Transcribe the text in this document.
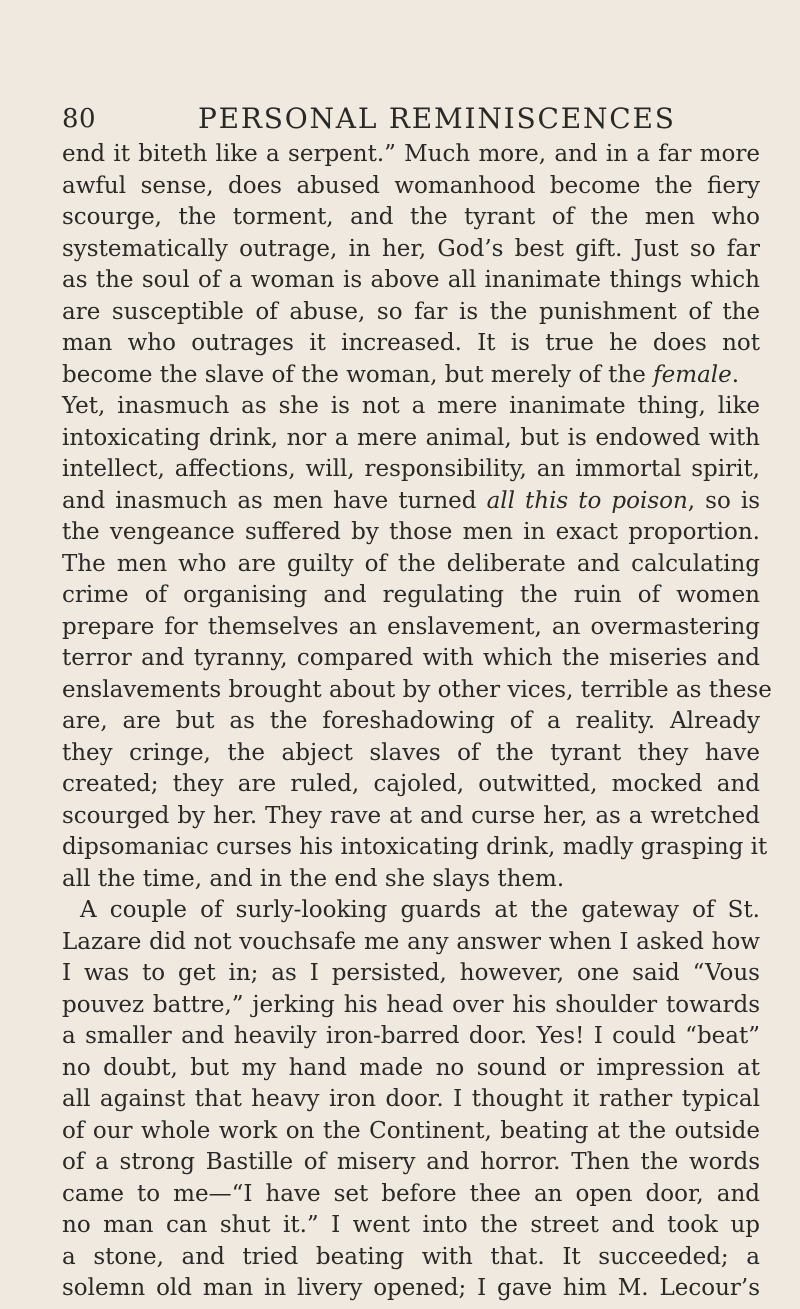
80	PERSONAL REMINISCENCES
end it biteth like a serpent.” Much more, and in a far more
awful sense, does abused womanhood become the fiery
scourge, the torment, and the tyrant of the men who
systematically outrage, in her, God’s best gift. Just so far
as the soul of a woman is above all inanimate things which
are susceptible of abuse, so far is the punishment of the
man who outrages it increased. It is true he does not
become the slave of the woman, but merely of the female.
Yet, inasmuch as she is not a mere inanimate thing, like
intoxicating drink, nor a mere animal, but is endowed with
intellect, affections, will, responsibility, an immortal spirit,
and inasmuch as men have turned all this to poison, so is
the vengeance suffered by those men in exact proportion.
The men who are guilty of the deliberate and calculating
crime of organising and regulating the ruin of women
prepare for themselves an enslavement, an overmastering
terror and tyranny, compared with which the miseries and
enslavements brought about by other vices, terrible as these
are, are but as the foreshadowing of a reality. Already
they cringe, the abject slaves of the tyrant they have
created; they are ruled, cajoled, outwitted, mocked and
scourged by her. They rave at and curse her, as a wretched
dipsomaniac curses his intoxicating drink, madly grasping it
all the time, and in the end she slays them.
A couple of surly-looking guards at the gateway of St.
Lazare did not vouchsafe me any answer when I asked how
I was to get in; as I persisted, however, one said “Vous
pouvez battre,” jerking his head over his shoulder towards
a smaller and heavily iron-barred door. Yes! I could “beat”
no doubt, but my hand made no sound or impression at
all against that heavy iron door. I thought it rather typical
of our whole work on the Continent, beating at the outside
of a strong Bastille of misery and horror. Then the words
came to me—“I have set before thee an open door, and
no man can shut it.” I went into the street and took up
a stone, and tried beating with that. It succeeded; a
solemn old man in livery opened; I gave him M. Lecour’s
